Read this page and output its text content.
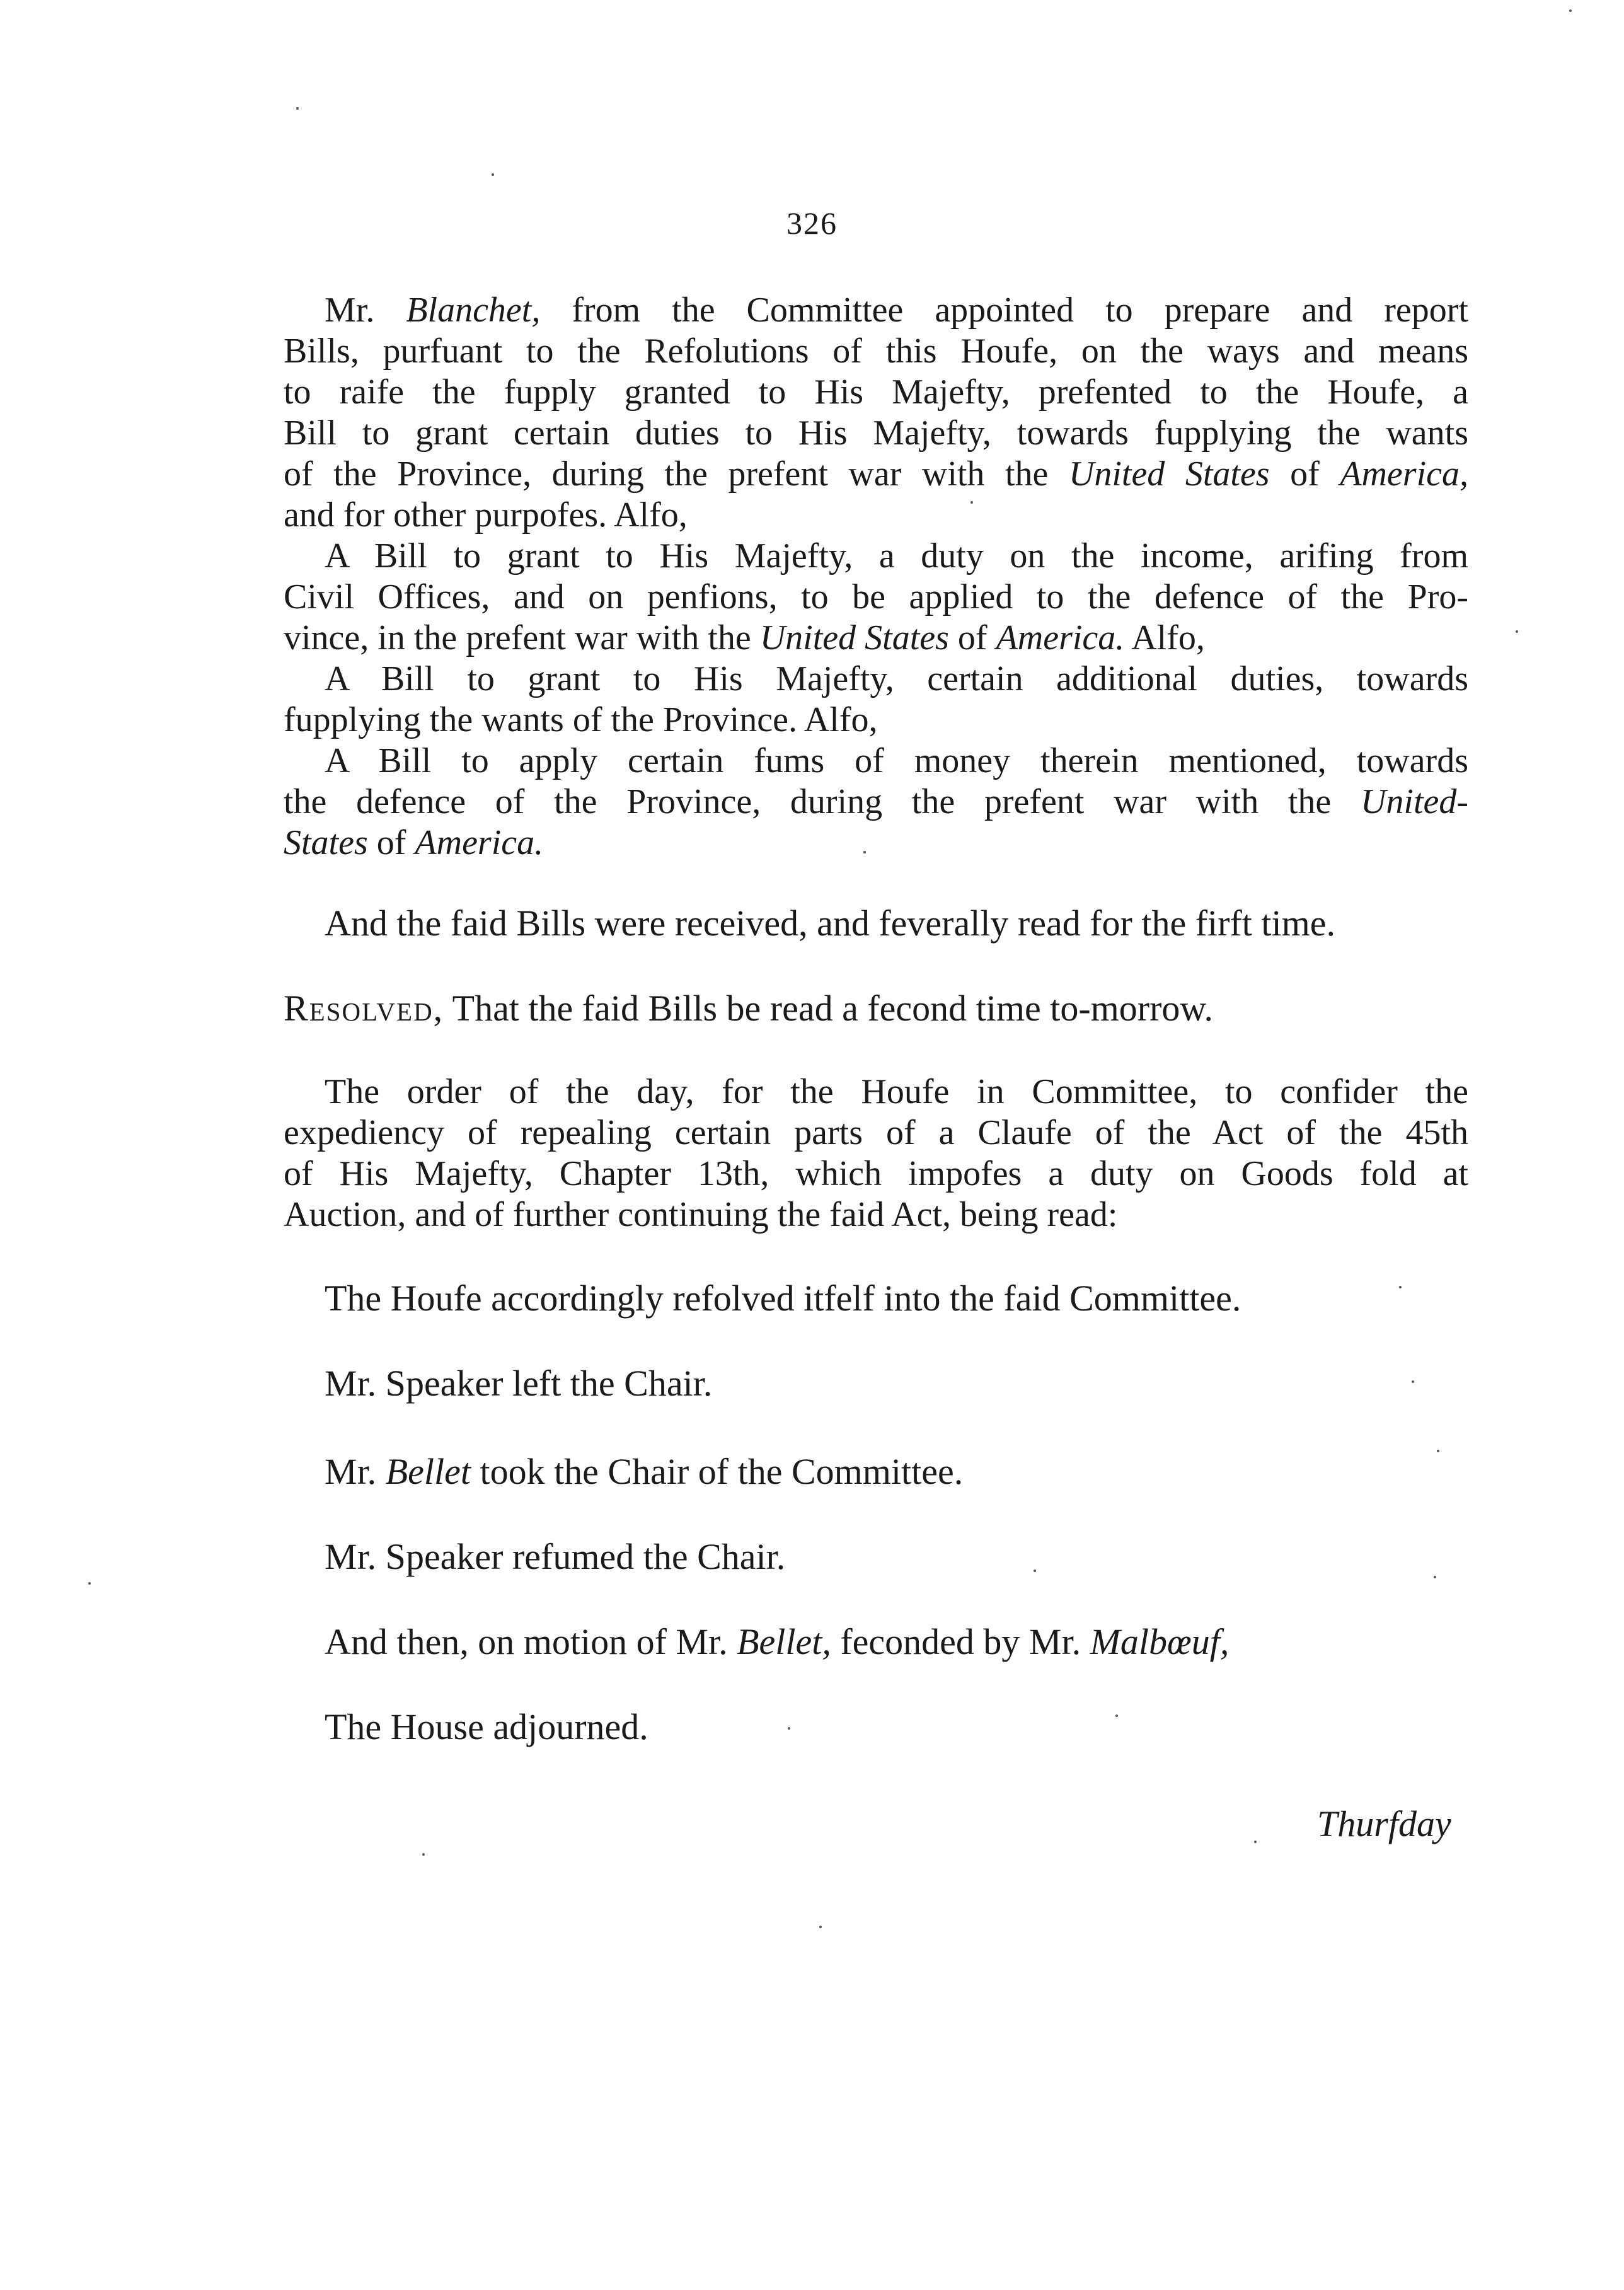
326
Mr. Blanchet, from the Committee appointed to prepare and report
Bills, purfuant to the Refolutions of this Houfe, on the ways and means
to raife the fupply granted to His Majefty, prefented to the Houfe, a
Bill to grant certain duties to His Majefty, towards fupplying the wants
of the Province, during the prefent war with the United States of America,
and for other purpofes. Alfo,
A Bill to grant to His Majefty, a duty on the income, arifing from
Civil Offices, and on penfions, to be applied to the defence of the Pro-
vince, in the prefent war with the United States of America. Alfo,
A Bill to grant to His Majefty, certain additional duties, towards
fupplying the wants of the Province. Alfo,
A Bill to apply certain fums of money therein mentioned, towards
the defence of the Province, during the prefent war with the United-
States of America.
And the faid Bills were received, and feverally read for the firft time.
Resolved, That the faid Bills be read a fecond time to-morrow.
The order of the day, for the Houfe in Committee, to confider the
expediency of repealing certain parts of a Claufe of the Act of the 45th
of His Majefty, Chapter 13th, which impofes a duty on Goods fold at
Auction, and of further continuing the faid Act, being read:
The Houfe accordingly refolved itfelf into the faid Committee.
Mr. Speaker left the Chair.
Mr. Bellet took the Chair of the Committee.
Mr. Speaker refumed the Chair.
And then, on motion of Mr. Bellet, feconded by Mr. Malbœuf,
The House adjourned.
Thurfday
